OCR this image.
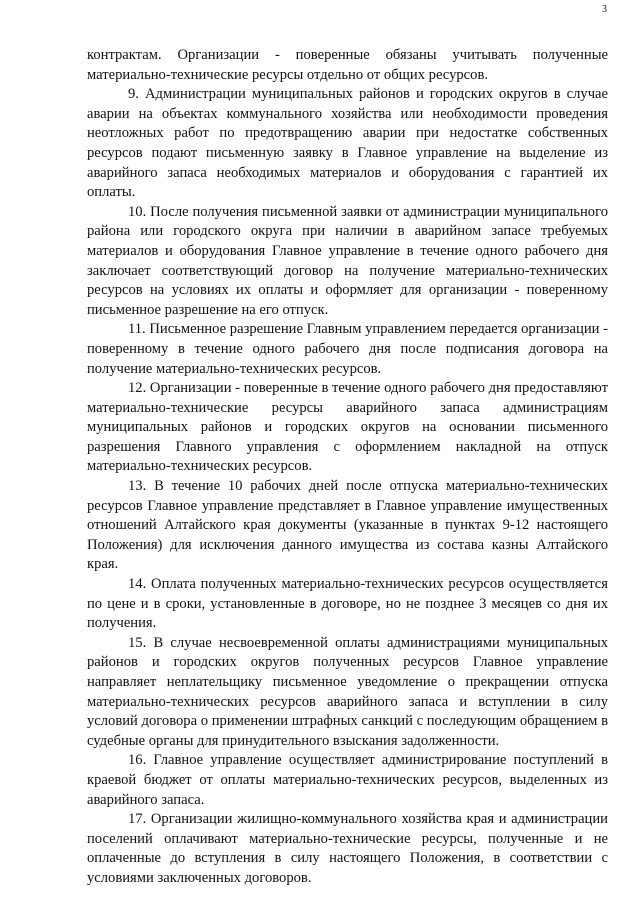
3

контрактам. Организации - поверенные обязаны учитывать полученные материально-технические ресурсы отдельно от общих ресурсов.

9. Администрации муниципальных районов и городских округов в случае аварии на объектах коммунального хозяйства или необходимости проведения неотложных работ по предотвращению аварии при недостатке собственных ресурсов подают письменную заявку в Главное управление на выделение из аварийного запаса необходимых материалов и оборудования с гарантией их оплаты.

10. После получения письменной заявки от администрации муниципального района или городского округа при наличии в аварийном запасе требуемых материалов и оборудования Главное управление в течение одного рабочего дня заключает соответствующий договор на получение материально-технических ресурсов на условиях их оплаты и оформляет для организации - поверенному письменное разрешение на его отпуск.

11. Письменное разрешение Главным управлением передается организации - поверенному в течение одного рабочего дня после подписания договора на получение материально-технических ресурсов.

12. Организации - поверенные в течение одного рабочего дня предоставляют материально-технические ресурсы аварийного запаса администрациям муниципальных районов и городских округов на основании письменного разрешения Главного управления с оформлением накладной на отпуск материально-технических ресурсов.

13. В течение 10 рабочих дней после отпуска материально-технических ресурсов Главное управление представляет в Главное управление имущественных отношений Алтайского края документы (указанные в пунктах 9-12 настоящего Положения) для исключения данного имущества из состава казны Алтайского края.

14. Оплата полученных материально-технических ресурсов осуществляется по цене и в сроки, установленные в договоре, но не позднее 3 месяцев со дня их получения.

15. В случае несвоевременной оплаты администрациями муниципальных районов и городских округов полученных ресурсов Главное управление направляет неплательщику письменное уведомление о прекращении отпуска материально-технических ресурсов аварийного запаса и вступлении в силу условий договора о применении штрафных санкций с последующим обращением в судебные органы для принудительного взыскания задолженности.

16. Главное управление осуществляет администрирование поступлений в краевой бюджет от оплаты материально-технических ресурсов, выделенных из аварийного запаса.

17. Организации жилищно-коммунального хозяйства края и администрации поселений оплачивают материально-технические ресурсы, полученные и не оплаченные до вступления в силу настоящего Положения, в соответствии с условиями заключенных договоров.
